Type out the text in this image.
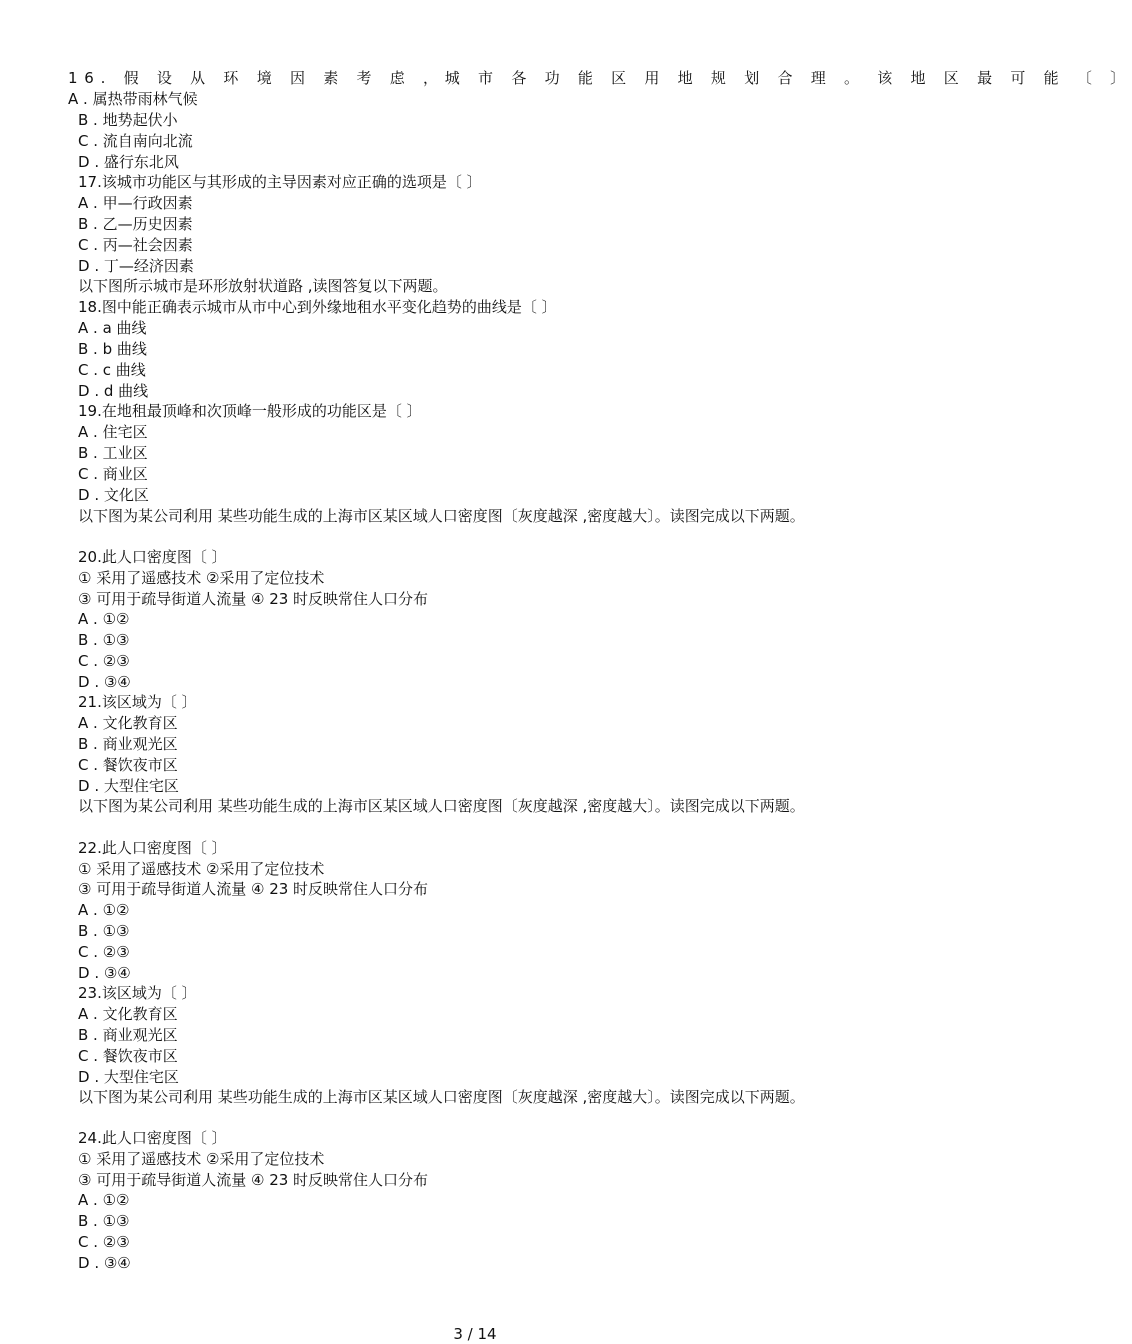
16. 假 设 从 环 境 因 素 考 虑 ，城 市 各 功 能 区 用 地 规 划 合 理 。 该 地 区 最 可 能 〔 〕
A . 属热带雨林气候
B . 地势起伏小
C . 流自南向北流
D . 盛行东北风
17.该城市功能区与其形成的主导因素对应正确的选项是〔 〕
A . 甲—行政因素
B . 乙—历史因素
C . 丙—社会因素
D . 丁—经济因素
以下图所示城市是环形放射状道路 ,读图答复以下两题。
18.图中能正确表示城市从市中心到外缘地租水平变化趋势的曲线是〔 〕
A . a 曲线
B . b 曲线
C . c 曲线
D . d 曲线
19.在地租最顶峰和次顶峰一般形成的功能区是〔 〕
A . 住宅区
B . 工业区
C . 商业区
D . 文化区
以下图为某公司利用 某些功能生成的上海市区某区域人口密度图〔灰度越深 ,密度越大〕。读图完成以下两题。
20.此人口密度图〔 〕
① 采用了遥感技术 ②采用了定位技术
③ 可用于疏导街道人流量 ④ 23 时反映常住人口分布
A . ①②
B . ①③
C . ②③
D . ③④
21.该区域为〔 〕
A . 文化教育区
B . 商业观光区
C . 餐饮夜市区
D . 大型住宅区
以下图为某公司利用 某些功能生成的上海市区某区域人口密度图〔灰度越深 ,密度越大〕。读图完成以下两题。
22.此人口密度图〔 〕
① 采用了遥感技术 ②采用了定位技术
③ 可用于疏导街道人流量 ④ 23 时反映常住人口分布
A . ①②
B . ①③
C . ②③
D . ③④
23.该区域为〔 〕
A . 文化教育区
B . 商业观光区
C . 餐饮夜市区
D . 大型住宅区
以下图为某公司利用 某些功能生成的上海市区某区域人口密度图〔灰度越深 ,密度越大〕。读图完成以下两题。
24.此人口密度图〔 〕
① 采用了遥感技术 ②采用了定位技术
③ 可用于疏导街道人流量 ④ 23 时反映常住人口分布
A . ①②
B . ①③
C . ②③
D . ③④
3 / 14
